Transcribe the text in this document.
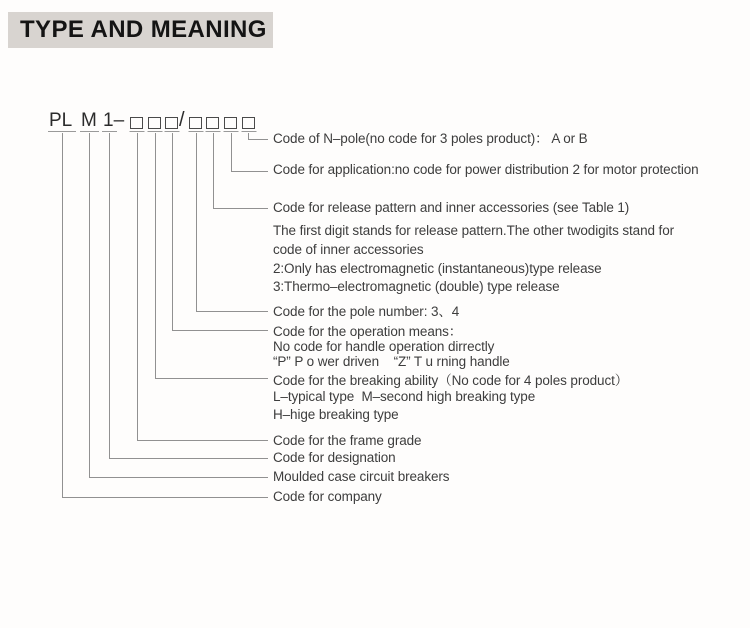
TYPE AND MEANING
PL M 1–	/
Code of N–pole(no code for 3 poles product)： A or B
Code for application:no code for power distribution 2 for motor protection
Code for release pattern and inner accessories (see Table 1)
The first digit stands for release pattern.The other twodigits stand for
code of inner accessories
2:Only has electromagnetic (instantaneous)type release
3:Thermo–electromagnetic (double) type release
Code for the pole number: 3、4
Code for the operation means：
No code for handle operation dirrectly
“P” P o wer driven    “Z” T u rning handle
Code for the breaking ability（No code for 4 poles product）
L–typical type  M–second high breaking type
H–hige breaking type
Code for the frame grade
Code for designation
Moulded case circuit breakers
Code for company
